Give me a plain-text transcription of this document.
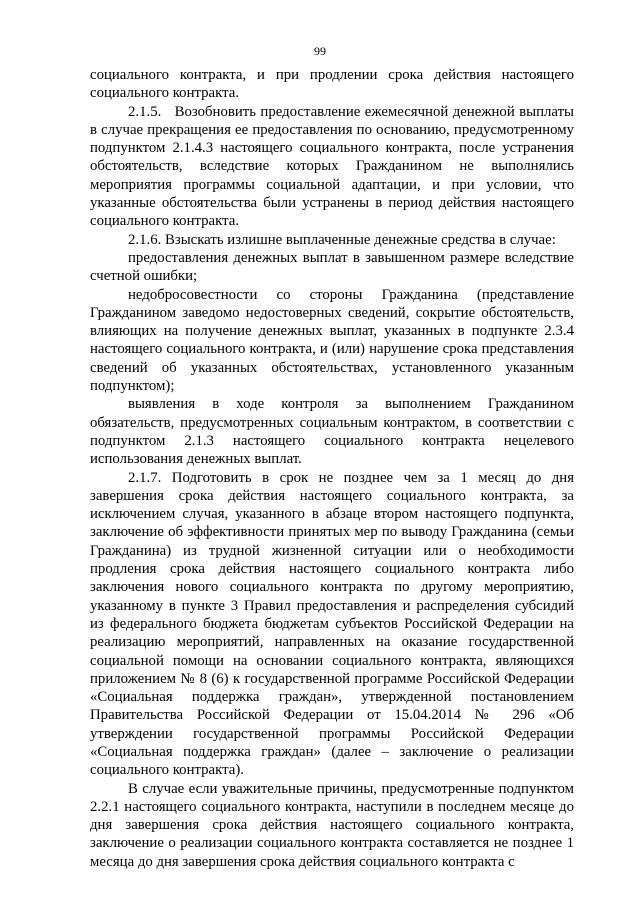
99

социального контракта, и при продлении срока действия настоящего социального контракта.

2.1.5.   Возобновить предоставление ежемесячной денежной выплаты в случае прекращения ее предоставления по основанию, предусмотренному подпунктом 2.1.4.3 настоящего социального контракта, после устранения обстоятельств, вследствие которых Гражданином не выполнялись мероприятия программы социальной адаптации, и при условии, что указанные обстоятельства были устранены в период действия настоящего социального контракта.

2.1.6. Взыскать излишне выплаченные денежные средства в случае:

предоставления денежных выплат в завышенном размере вследствие счетной ошибки;

недобросовестности со стороны Гражданина (представление Гражданином заведомо недостоверных сведений, сокрытие обстоятельств, влияющих на получение денежных выплат, указанных в подпункте 2.3.4 настоящего социального контракта, и (или) нарушение срока представления сведений об указанных обстоятельствах, установленного указанным подпунктом);

выявления в ходе контроля за выполнением Гражданином обязательств, предусмотренных социальным контрактом, в соответствии с подпунктом 2.1.3 настоящего социального контракта нецелевого использования денежных выплат.

2.1.7. Подготовить в срок не позднее чем за 1 месяц до дня завершения срока действия настоящего социального контракта, за исключением случая, указанного в абзаце втором настоящего подпункта, заключение об эффективности принятых мер по выводу Гражданина (семьи Гражданина) из трудной жизненной ситуации или о необходимости продления срока действия настоящего социального контракта либо заключения нового социального контракта по другому мероприятию, указанному в пункте 3 Правил предоставления и распределения субсидий из федерального бюджета бюджетам субъектов Российской Федерации на реализацию мероприятий, направленных на оказание государственной социальной помощи на основании социального контракта, являющихся приложением № 8 (6) к государственной программе Российской Федерации «Социальная поддержка граждан», утвержденной постановлением Правительства Российской Федерации от 15.04.2014 № 296 «Об утверждении государственной программы Российской Федерации «Социальная поддержка граждан» (далее – заключение о реализации социального контракта).

В случае если уважительные причины, предусмотренные подпунктом 2.2.1 настоящего социального контракта, наступили в последнем месяце до дня завершения срока действия настоящего социального контракта, заключение о реализации социального контракта составляется не позднее 1 месяца до дня завершения срока действия социального контракта с
